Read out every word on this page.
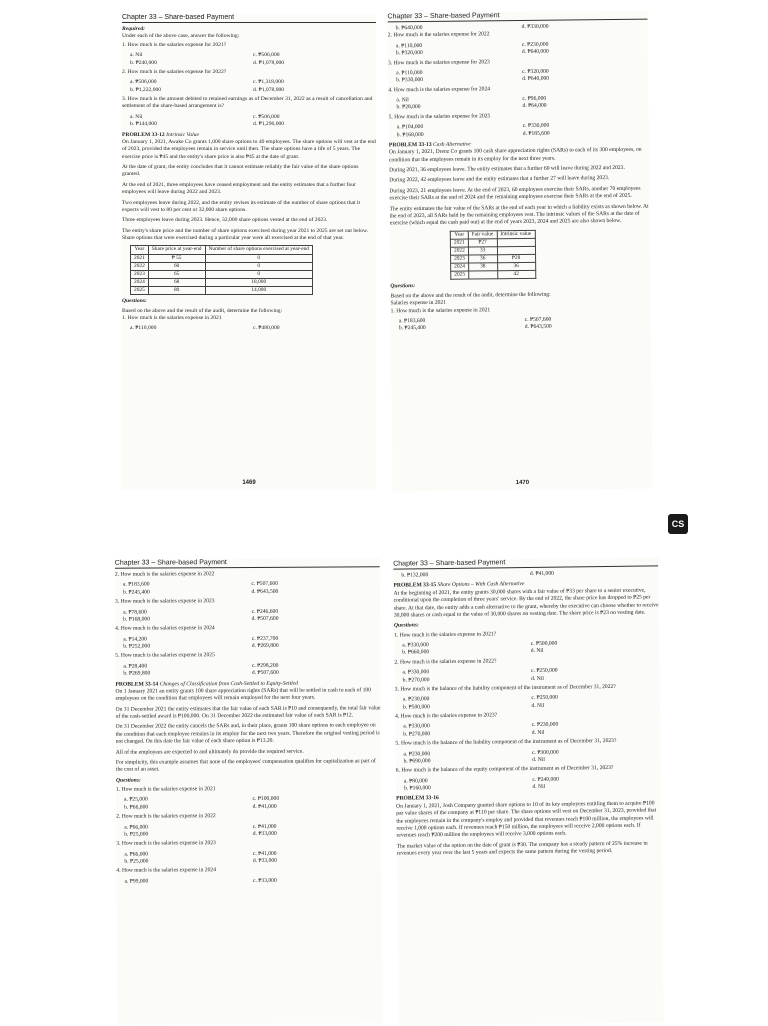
Chapter 33 – Share-based Payment
Required:

Under each of the above case, answer the following:

1. How much is the salaries expense for 2021?

a. Nil	c. ₱506,000
b. ₱240,000	d. ₱1,078,000

2. How much is the salaries expense for 2022?

a. ₱506,000	c. ₱1,318,000
b. ₱1,222,000	d. ₱1,078,000

3. How much is the amount debited to retained earnings as of December 31, 2022 as a result of cancellation and settlement of the share-based arrangement is?

a. Nil	c. ₱506,000
b. ₱144,000	d. ₱1,296,000
PROBLEM 33-12 Intrinsic Value

On January 1, 2021, Awake Co grants 1,000 share options to 40 employees. The share options will vest at the end of 2023, provided the employees remain in service until then. The share options have a life of 5 years. The exercise price is ₱45 and the entity's share price is also ₱45 at the date of grant.

At the date of grant, the entity concludes that it cannot estimate reliably the fair value of the share options granted.

At the end of 2021, three employees have ceased employment and the entity estimates that a further four employees will leave during 2022 and 2023.

Two employees leave during 2022, and the entity revises its estimate of the number of share options that it expects will vest to 80 per cent or 32,000 share options.

Three employees leave during 2023. Hence, 32,000 share options vested at the end of 2023.

The entity's share price and the number of share options exercised during year 2021 to 2025 are set out below. Share options that were exercised during a particular year were all exercised at the end of that year.

Year	Share price at year-end	Number of share options exercised at year-end
2021	₱ 55	0
2022	60	0
2023	65	0
2024	68	18,000
2025	80	14,000
Questions:

Based on the above and the result of the audit, determine the following:

1. How much is the salaries expense in 2021

a. ₱110,000	c. ₱480,000
1469
Chapter 33 – Share-based Payment
b. ₱640,000	d. ₱330,000

2. How much is the salaries expense for 2022

a. ₱110,000	c. ₱230,000
b. ₱320,000	d. ₱640,000

3. How much is the salaries expense for 2023

a. ₱110,000	c. ₱320,000
b. ₱330,000	d. ₱640,000

4. How much is the salaries expense for 2024

a. Nil	c. ₱96,000
b. ₱28,000	d. ₱64,000

5. How much is the salaries expense for 2025

a. ₱104,000	c. ₱330,000
b. ₱168,000	d. ₱185,600
PROBLEM 33-13 Cash Alternative

On January 1, 2021, Drenz Co grants 100 cash share appreciation rights (SARs) to each of its 300 employees, on condition that the employees remain in its employ for the next three years.

During 2021, 36 employees leave. The entity estimates that a further 60 will leave during 2022 and 2023.

During 2022, 42 employees leave and the entity estimates that a further 27 will leave during 2023.

During 2023, 21 employees leave. At the end of 2023, 60 employees exercise their SARs, another 70 employees exercise their SARs at the end of 2024 and the remaining employees exercise their SARs at the end of 2025.

The entity estimates the fair value of the SARs at the end of each year in which a liability exists as shown below. At the end of 2023, all SARs held by the remaining employees vest. The intrinsic values of the SARs at the date of exercise (which equal the cash paid out) at the end of years 2023, 2024 and 2025 are also shown below.

Year	Fair value	Intrinsic value
2021	₱27	
2022	33	
2023	36	₱28
2024	38	36
2025		42
Questions:

Based on the above and the result of the audit, determine the following:

Salaries expense in 2021

1. How much is the salaries expense in 2021

a. ₱183,600	c. ₱507,600
b. ₱245,400	d. ₱643,500
1470
CS
Chapter 33 – Share-based Payment

2. How much is the salaries expense in 2022

a. ₱183,600	c. ₱507,600
b. ₱245,400	d. ₱643,500

3. How much is the salaries expense in 2023

a. ₱78,600	c. ₱246,600
b. ₱168,000	d. ₱507,600

4. How much is the salaries expense in 2024

a. ₱14,200	c. ₱237,700
b. ₱252,000	d. ₱269,800

5. How much is the salaries expense in 2025

a. ₱28,400	c. ₱298,200
b. ₱269,800	d. ₱507,600
PROBLEM 33-14 Changes of Classification from Cash-Settled to Equity-Settled

On 1 January 2021 an entity grants 100 share appreciation rights (SARs) that will be settled in cash to each of 100 employees on the condition that employees will remain employed for the next four years.

On 31 December 2021 the entity estimates that the fair value of each SAR is ₱10 and consequently, the total fair value of the cash-settled award is ₱100,000. On 31 December 2022 the estimated fair value of each SAR is ₱12.

On 31 December 2022 the entity cancels the SARs and, in their place, grants 100 share options to each employee on the condition that each employee remains in its employ for the next two years. Therefore the original vesting period is not changed. On this date the fair value of each share option is ₱13.20.

All of the employees are expected to and ultimately do provide the required service.

For simplicity, this example assumes that none of the employees' compensation qualifies for capitalization as part of the cost of an asset.

Questions:

1. How much is the salaries expense in 2021

a. ₱25,000	c. ₱100,000
b. ₱66,000	d. ₱41,000

2. How much is the salaries expense in 2022

a. ₱66,000	c. ₱41,000
b. ₱25,000	d. ₱33,000

3. How much is the salaries expense in 2023

a. ₱66,000	c. ₱41,000
b. ₱25,000	d. ₱33,000

4. How much is the salaries expense in 2024

a. ₱99,000	c. ₱33,000
Chapter 33 – Share-based Payment
b. ₱132,000	d. ₱41,000
PROBLEM 33-15 Share Options – With Cash Alternative

At the beginning of 2021, the entity grants 30,000 shares with a fair value of ₱33 per share to a senior executive, conditional upon the completion of three years' service. By the end of 2022, the share price has dropped to ₱25 per share. At that date, the entity adds a cash alternative to the grant, whereby the executive can choose whether to receive 30,000 shares or cash equal to the value of 30,000 shares on vesting date. The share price is ₱23 on vesting date.

Questions:

1. How much is the salaries expense in 2021?

a. ₱330,000	c. ₱500,000
b. ₱660,000	d. Nil

2. How much is the salaries expense in 2022?

a. ₱330,000	c. ₱250,000
b. ₱270,000	d. Nil

3. How much is the balance of the liability component of the instrument as of December 31, 2022?

a. ₱230,000	c. ₱250,000
b. ₱500,000	d. Nil

4. How much is the salaries expense in 2023?

a. ₱330,000	c. ₱230,000
b. ₱270,000	d. Nil

5. How much is the balance of the liability component of the instrument as of December 31, 2023?

a. ₱230,000	c. ₱300,000
b. ₱690,000	d. Nil

6. How much is the balance of the equity component of the instrument as of December 31, 2023?

a. ₱80,000	c. ₱240,000
b. ₱160,000	d. Nil
PROBLEM 33-16

On January 1, 2021, Josh Company granted share options to 10 of its key employees entitling them to acquire ₱100 par value shares of the company at ₱110 per share. The share options will vest on December 31, 2023, provided that the employees remain in the company's employ and provided that revenues reach ₱100 million, the employees will receive 1,000 options each. If revenues reach ₱150 million, the employees will receive 2,000 options each. If revenues reach ₱200 million the employees will receive 3,000 options each.

The market value of the option on the date of grant is ₱30. The company has a steady pattern of 25% increase in revenues every year over the last 5 years and expects the same pattern during the vesting period.
